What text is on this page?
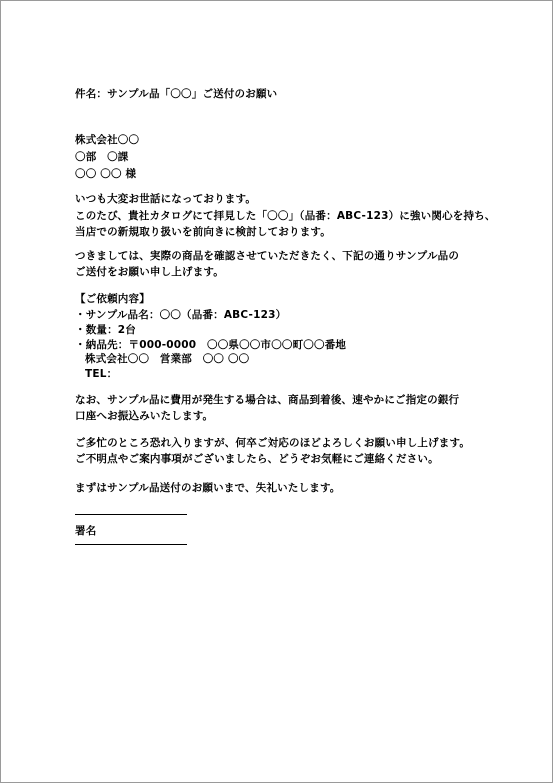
件名：サンプル品「〇〇」ご送付のお願い
株式会社〇〇
〇部　〇課
〇〇 〇〇 様
いつも大変お世話になっております。
このたび、貴社カタログにて拝見した「〇〇」（品番：ABC-123）に強い関心を持ち、
当店での新規取り扱いを前向きに検討しております。
つきましては、実際の商品を確認させていただきたく、下記の通りサンプル品の
ご送付をお願い申し上げます。
【ご依頼内容】
・サンプル品名：〇〇（品番：ABC-123）
・数量：2台
・納品先：〒000-0000　〇〇県〇〇市〇〇町〇〇番地
株式会社〇〇　営業部　〇〇 〇〇
TEL：
なお、サンプル品に費用が発生する場合は、商品到着後、速やかにご指定の銀行
口座へお振込みいたします。
ご多忙のところ恐れ入りますが、何卒ご対応のほどよろしくお願い申し上げます。
ご不明点やご案内事項がございましたら、どうぞお気軽にご連絡ください。
まずはサンプル品送付のお願いまで、失礼いたします。
署名
